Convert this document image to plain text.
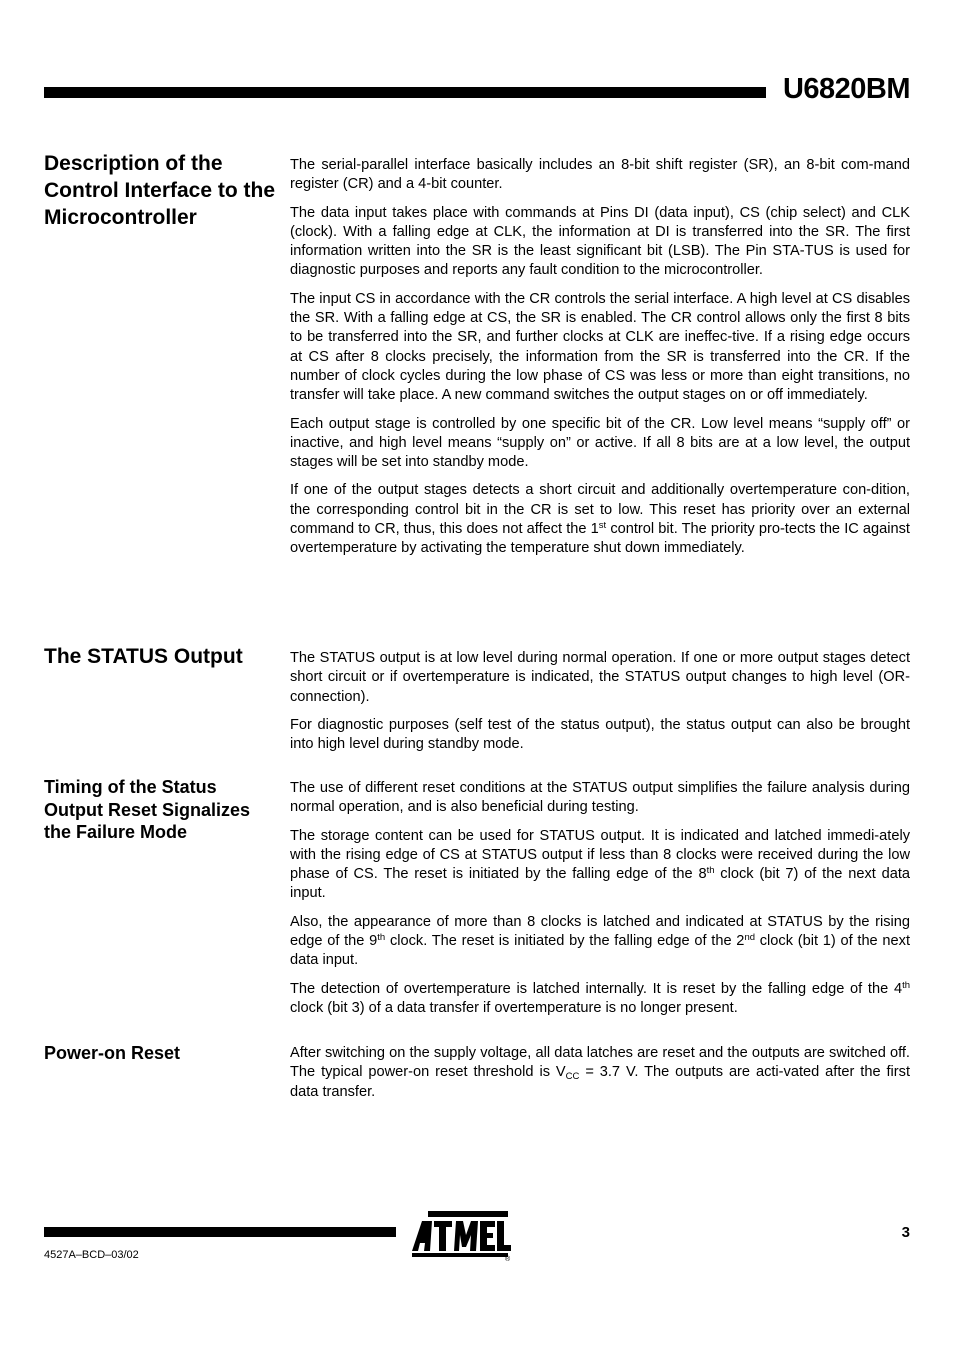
U6820BM
Description of the Control Interface to the Microcontroller

The serial-parallel interface basically includes an 8-bit shift register (SR), an 8-bit com-mand register (CR) and a 4-bit counter.

The data input takes place with commands at Pins DI (data input), CS (chip select) and CLK (clock). With a falling edge at CLK, the information at DI is transferred into the SR. The first information written into the SR is the least significant bit (LSB). The Pin STA-TUS is used for diagnostic purposes and reports any fault condition to the microcontroller.

The input CS in accordance with the CR controls the serial interface. A high level at CS disables the SR. With a falling edge at CS, the SR is enabled. The CR control allows only the first 8 bits to be transferred into the SR, and further clocks at CLK are ineffec-tive. If a rising edge occurs at CS after 8 clocks precisely, the information from the SR is transferred into the CR. If the number of clock cycles during the low phase of CS was less or more than eight transitions, no transfer will take place. A new command switches the output stages on or off immediately.

Each output stage is controlled by one specific bit of the CR. Low level means “supply off” or inactive, and high level means “supply on” or active. If all 8 bits are at a low level, the output stages will be set into standby mode.

If one of the output stages detects a short circuit and additionally overtemperature con-dition, the corresponding control bit in the CR is set to low. This reset has priority over an external command to CR, thus, this does not affect the 1st control bit. The priority pro-tects the IC against overtemperature by activating the temperature shut down immediately.

The STATUS Output	The STATUS output is at low level during normal operation. If one or more output stages detect short circuit or if overtemperature is indicated, the STATUS output changes to high level (OR-connection).

For diagnostic purposes (self test of the status output), the status output can also be brought into high level during standby mode.

Timing of the Status Output Reset Signalizes the Failure Mode

The use of different reset conditions at the STATUS output simplifies the failure analysis during normal operation, and is also beneficial during testing.

The storage content can be used for STATUS output. It is indicated and latched immedi-ately with the rising edge of CS at STATUS output if less than 8 clocks were received during the low phase of CS. The reset is initiated by the falling edge of the 8th clock (bit 7) of the next data input.

Also, the appearance of more than 8 clocks is latched and indicated at STATUS by the rising edge of the 9th clock. The reset is initiated by the falling edge of the 2nd clock (bit 1) of the next data input.

The detection of overtemperature is latched internally. It is reset by the falling edge of the 4th clock (bit 3) of a data transfer if overtemperature is no longer present.

Power-on Reset	After switching on the supply voltage, all data latches are reset and the outputs are switched off. The typical power-on reset threshold is $V_{CC} = 3.7$ V. The outputs are acti-vated after the first data transfer.

4527A–BCD–03/02
3
®
